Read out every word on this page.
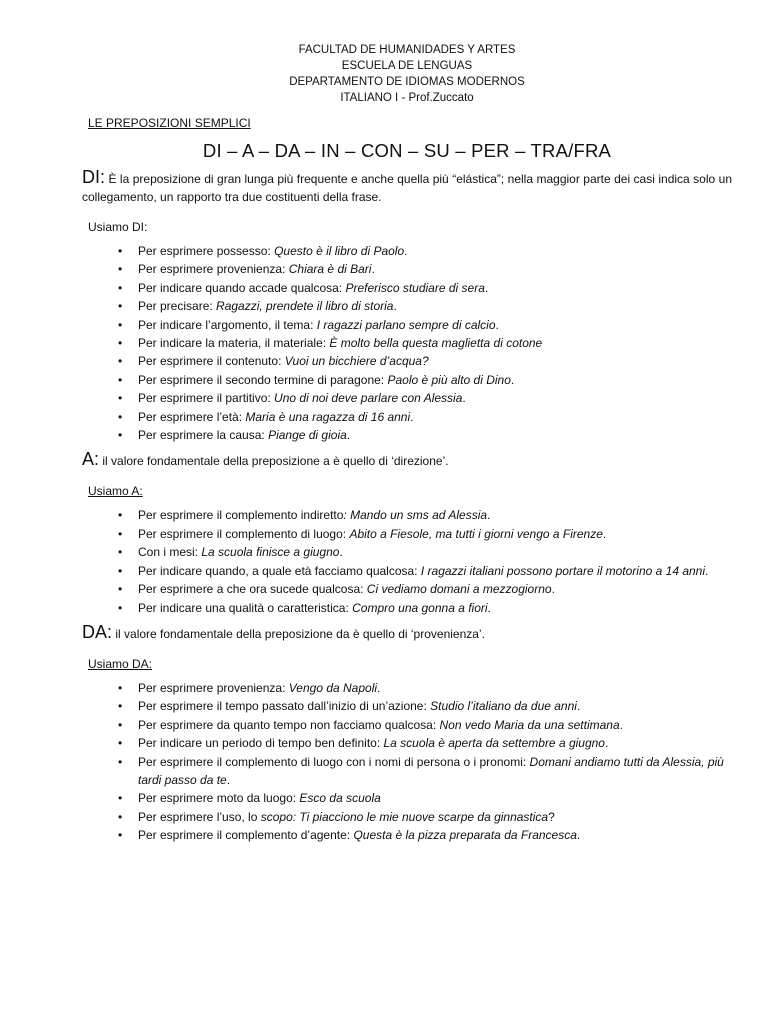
FACULTAD DE HUMANIDADES Y ARTES
ESCUELA DE LENGUAS
DEPARTAMENTO DE IDIOMAS MODERNOS
ITALIANO I - Prof.Zuccato
LE PREPOSIZIONI SEMPLICI
DI – A – DA – IN – CON – SU – PER – TRA/FRA
DI: È la preposizione di gran lunga più frequente e anche quella più “elástica”; nella maggior parte dei casi indica solo un collegamento, un rapporto tra due costituenti della frase.
Usiamo DI:
• Per esprimere possesso: Questo è il libro di Paolo.
• Per esprimere provenienza: Chiara è di Bari.
• Per indicare quando accade qualcosa: Preferisco studiare di sera.
• Per precisare: Ragazzi, prendete il libro di storia.
• Per indicare l’argomento, il tema: I ragazzi parlano sempre di calcio.
• Per indicare la materia, il materiale: È molto bella questa maglietta di cotone
• Per esprimere il contenuto: Vuoi un bicchiere d’acqua?
• Per esprimere il secondo termine di paragone: Paolo è più alto di Dino.
• Per esprimere il partitivo: Uno di noi deve parlare con Alessia.
• Per esprimere l’età: Maria è una ragazza di 16 anni.
• Per esprimere la causa: Piange di gioia.
A: il valore fondamentale della preposizione a è quello di ‘direzione’.
Usiamo A:
• Per esprimere il complemento indiretto: Mando un sms ad Alessia.
• Per esprimere il complemento di luogo: Abito a Fiesole, ma tutti i giorni vengo a Firenze.
• Con i mesi: La scuola finisce a giugno.
• Per indicare quando, a quale età facciamo qualcosa: I ragazzi italiani possono portare il motorino a 14 anni.
• Per esprimere a che ora sucede qualcosa: Ci vediamo domani a mezzogiorno.
• Per indicare una qualità o caratteristica: Compro una gonna a fiori.
DA: il valore fondamentale della preposizione da è quello di ‘provenienza’.
Usiamo DA:
• Per esprimere provenienza: Vengo da Napoli.
• Per esprimere il tempo passato dall’inizio di un’azione: Studio l’italiano da due anni.
• Per esprimere da quanto tempo non facciamo qualcosa: Non vedo Maria da una settimana.
• Per indicare un periodo di tempo ben definito: La scuola è aperta da settembre a giugno.
• Per esprimere il complemento di luogo con i nomi di persona o i pronomi: Domani andiamo tutti da Alessia, più tardi passo da te.
• Per esprimere moto da luogo: Esco da scuola
• Per esprimere l’uso, lo scopo: Ti piacciono le mie nuove scarpe da ginnastica?
• Per esprimere il complemento d’agente: Questa è la pizza preparata da Francesca.
